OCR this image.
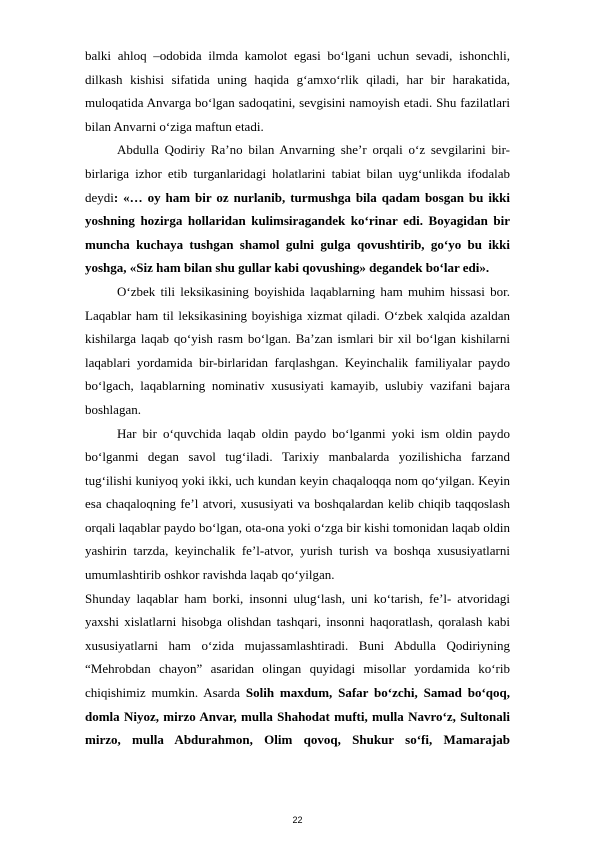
balki ahloq –odobida ilmda kamolot egasi bo‘lgani uchun sevadi, ishonchli, dilkash kishisi sifatida uning haqida g‘amxo‘rlik qiladi, har bir harakatida, muloqatida Anvarga bo‘lgan sadoqatini, sevgisini namoyish etadi. Shu fazilatlari bilan Anvarni o‘ziga maftun etadi.

Abdulla Qodiriy Ra’no bilan Anvarning she’r orqali o‘z sevgilarini bir-birlariga izhor etib turganlaridagi holatlarini tabiat bilan uyg‘unlikda ifodalab deydi: «… oy ham bir oz nurlanib, turmushga bila qadam bosgan bu ikki yoshning hozirga hollaridan kulimsiragandek ko‘rinar edi. Boyagidan bir muncha kuchaya tushgan shamol gulni gulga qovushtirib, go‘yo bu ikki yoshga, «Siz ham bilan shu gullar kabi qovushing» degandek bo‘lar edi».

O‘zbek tili leksikasining boyishida laqablarning ham muhim hissasi bor. Laqablar ham til leksikasining boyishiga xizmat qiladi. O‘zbek xalqida azaldan kishilarga laqab qo‘yish rasm bo‘lgan. Ba’zan ismlari bir xil bo‘lgan kishilarni laqablari yordamida bir-birlaridan farqlashgan. Keyinchalik familiyalar paydo bo‘lgach, laqablarning nominativ xususiyati kamayib, uslubiy vazifani bajara boshlagan.

Har bir o‘quvchida laqab oldin paydo bo‘lganmi yoki ism oldin paydo bo‘lganmi degan savol tug‘iladi. Tarixiy manbalarda yozilishicha farzand tug‘ilishi kuniyoq yoki ikki, uch kundan keyin chaqaloqqa nom qo‘yilgan. Keyin esa chaqaloqning fe’l atvori, xususiyati va boshqalardan kelib chiqib taqqoslash orqali laqablar paydo bo‘lgan, ota-ona yoki o‘zga bir kishi tomonidan laqab oldin yashirin tarzda, keyinchalik fe’l-atvor, yurish turish va boshqa xususiyatlarni umumlashtirib oshkor ravishda laqab qo‘yilgan.

Shunday laqablar ham borki, insonni ulug‘lash, uni ko‘tarish, fe’l- atvoridagi yaxshi xislatlarni hisobga olishdan tashqari, insonni haqoratlash, qoralash kabi xususiyatlarni ham o‘zida mujassamlashtiradi. Buni Abdulla Qodiriyning “Mehrobdan chayon” asaridan olingan quyidagi misollar yordamida ko‘rib chiqishimiz mumkin. Asarda Solih maxdum, Safar bo‘zchi, Samad bo‘qoq, domla Niyoz, mirzo Anvar, mulla Shahodat mufti, mulla Navro‘z, Sultonali mirzo, mulla Abdurahmon, Olim qovoq, Shukur so‘fi, Mamarajab

22
